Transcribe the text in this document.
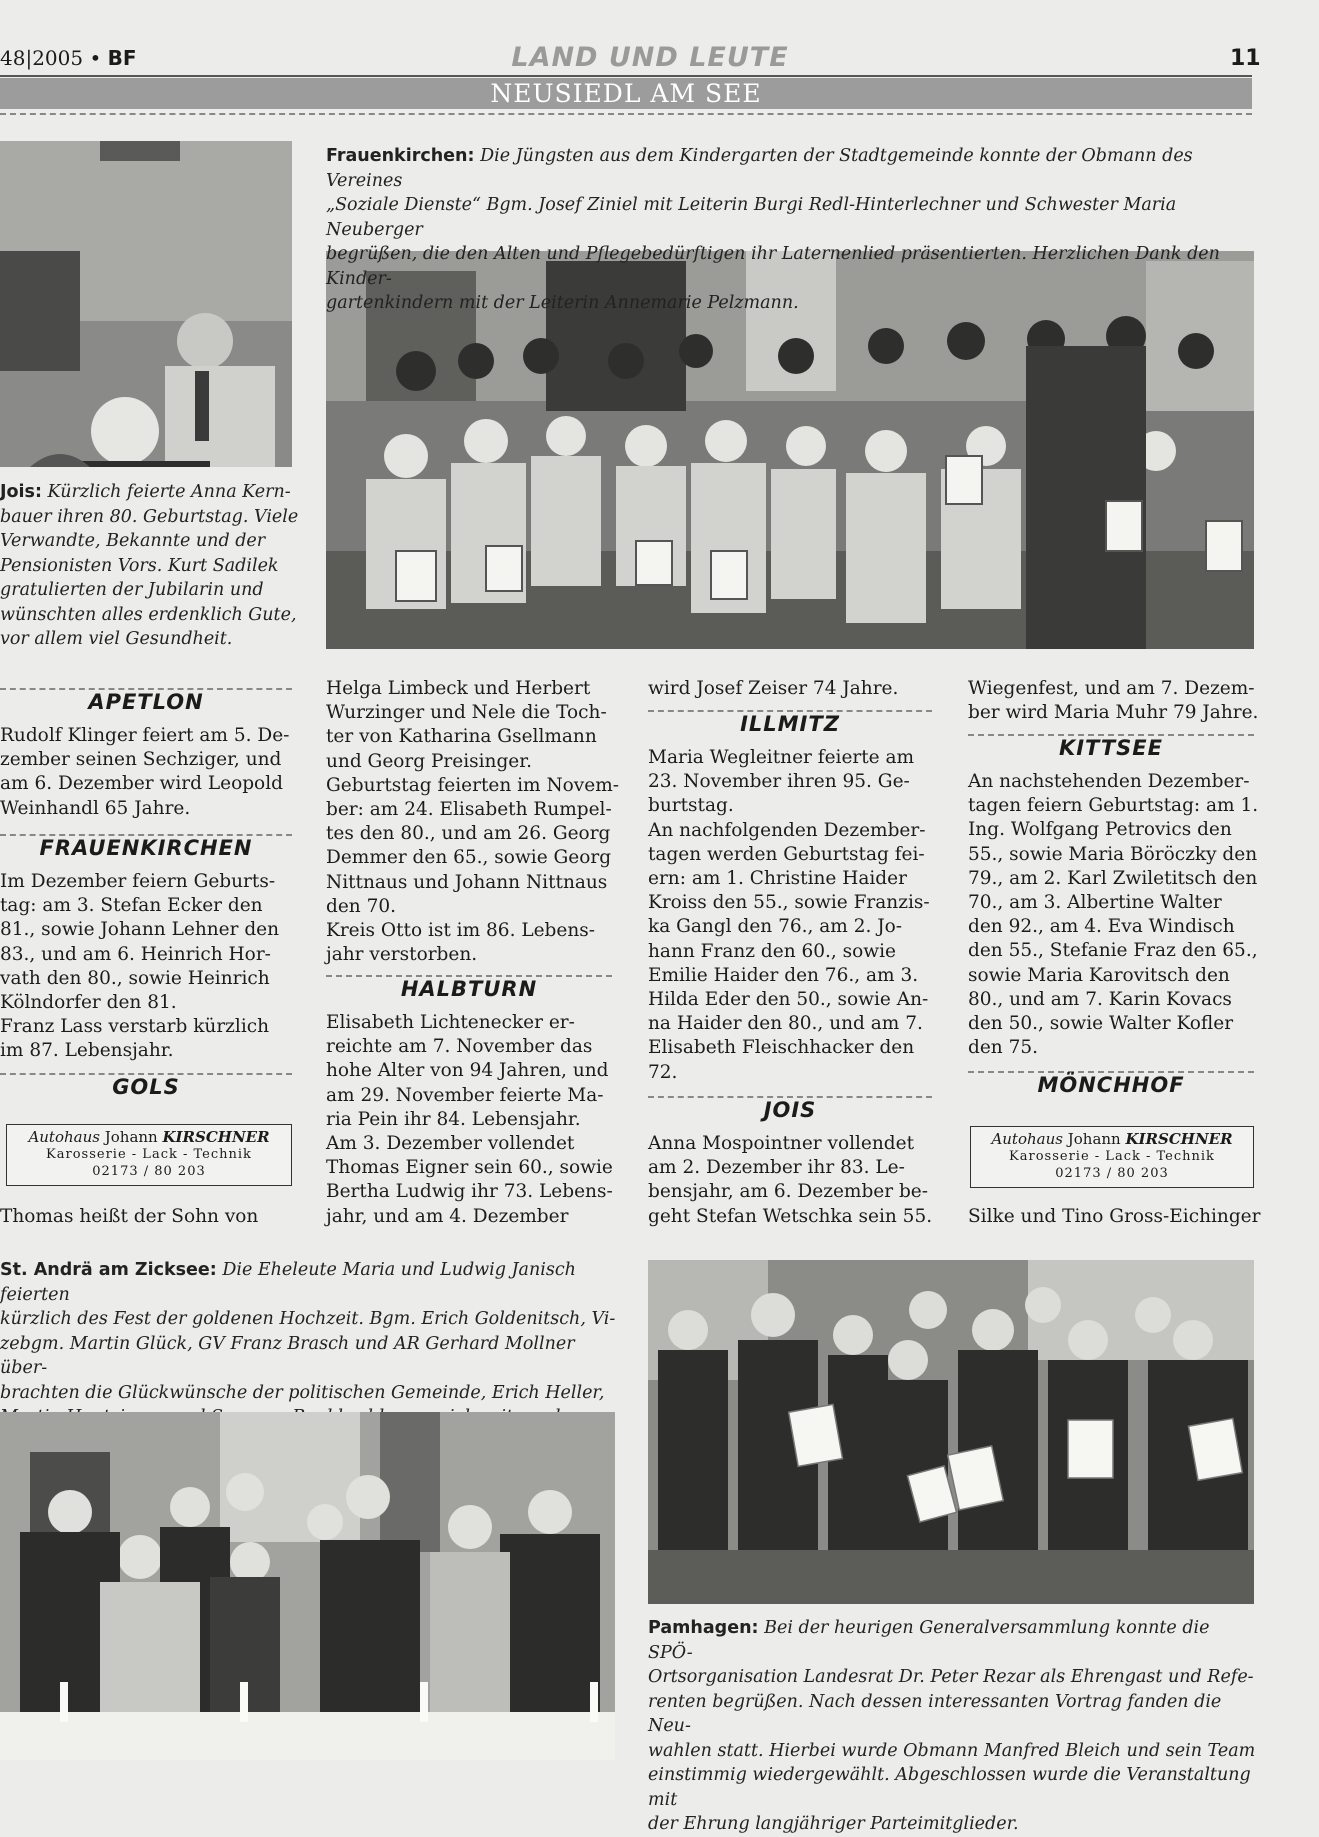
48|2005 • BF	LAND UND LEUTE	11
NEUSIEDL AM SEE
Frauenkirchen: Die Jüngsten aus dem Kindergarten der Stadtgemeinde konnte der Obmann des Vereines
„Soziale Dienste“ Bgm. Josef Ziniel mit Leiterin Burgi Redl-Hinterlechner und Schwester Maria Neuberger
begrüßen, die den Alten und Pflegebedürftigen ihr Laternenlied präsentierten. Herzlichen Dank den Kinder-
gartenkindern mit der Leiterin Annemarie Pelzmann.
Jois: Kürzlich feierte Anna Kern-
bauer ihren 80. Geburtstag. Viele
Verwandte, Bekannte und der
Pensionisten Vors. Kurt Sadilek
gratulierten der Jubilarin und
wünschten alles erdenklich Gute,
vor allem viel Gesundheit.
APETLON

Rudolf Klinger feiert am 5. De-

zember seinen Sechziger, und

am 6. Dezember wird Leopold

Weinhandl 65 Jahre.

FRAUENKIRCHEN

Im Dezember feiern Geburts-

tag: am 3. Stefan Ecker den

81., sowie Johann Lehner den

83., und am 6. Heinrich Hor-

vath den 80., sowie Heinrich

Kölndorfer den 81.

Franz Lass verstarb kürzlich

im 87. Lebensjahr.

GOLS
Autohaus Johann KIRSCHNER
Karosserie - Lack - Technik
02173 / 80 203
Thomas heißt der Sohn von

Helga Limbeck und Herbert

Wurzinger und Nele die Toch-

ter von Katharina Gsellmann

und Georg Preisinger.

Geburtstag feierten im Novem-

ber: am 24. Elisabeth Rumpel-

tes den 80., und am 26. Georg

Demmer den 65., sowie Georg

Nittnaus und Johann Nittnaus

den 70.

Kreis Otto ist im 86. Lebens-

jahr verstorben.

HALBTURN

Elisabeth Lichtenecker er-

reichte am 7. November das

hohe Alter von 94 Jahren, und

am 29. November feierte Ma-

ria Pein ihr 84. Lebensjahr.

Am 3. Dezember vollendet

Thomas Eigner sein 60., sowie

Bertha Ludwig ihr 73. Lebens-

jahr, und am 4. Dezember

wird Josef Zeiser 74 Jahre.
ILLMITZ

Maria Wegleitner feierte am

23. November ihren 95. Ge-

burtstag.

An nachfolgenden Dezember-

tagen werden Geburtstag fei-

ern: am 1. Christine Haider

Kroiss den 55., sowie Franzis-

ka Gangl den 76., am 2. Jo-

hann Franz den 60., sowie

Emilie Haider den 76., am 3.

Hilda Eder den 50., sowie An-

na Haider den 80., und am 7.

Elisabeth Fleischhacker den

72.

JOIS

Anna Mospointner vollendet

am 2. Dezember ihr 83. Le-

bensjahr, am 6. Dezember be-

geht Stefan Wetschka sein 55.

Wiegenfest, und am 7. Dezem-

ber wird Maria Muhr 79 Jahre.

KITTSEE

An nachstehenden Dezember-

tagen feiern Geburtstag: am 1.

Ing. Wolfgang Petrovics den

55., sowie Maria Böröczky den

79., am 2. Karl Zwiletitsch den

70., am 3. Albertine Walter

den 92., am 4. Eva Windisch

den 55., Stefanie Fraz den 65.,

sowie Maria Karovitsch den

80., und am 7. Karin Kovacs

den 50., sowie Walter Kofler

den 75.

MÖNCHHOF
Autohaus Johann KIRSCHNER
Karosserie - Lack - Technik
02173 / 80 203
Silke und Tino Gross-Eichinger
St. Andrä am Zicksee: Die Eheleute Maria und Ludwig Janisch feierten
kürzlich des Fest der goldenen Hochzeit. Bgm. Erich Goldenitsch, Vi-
zebgm. Martin Glück, GV Franz Brasch und AR Gerhard Mollner über-
brachten die Glückwünsche der politischen Gemeinde, Erich Heller,
Pamhagen: Bei der heurigen Generalversammlung konnte die SPÖ-
Ortsorganisation Landesrat Dr. Peter Rezar als Ehrengast und Refe-
renten begrüßen. Nach dessen interessanten Vortrag fanden die Neu-
wahlen statt. Hierbei wurde Obmann Manfred Bleich und sein Team
einstimmig wiedergewählt. Abgeschlossen wurde die Veranstaltung mit
der Ehrung langjähriger Parteimitglieder.
